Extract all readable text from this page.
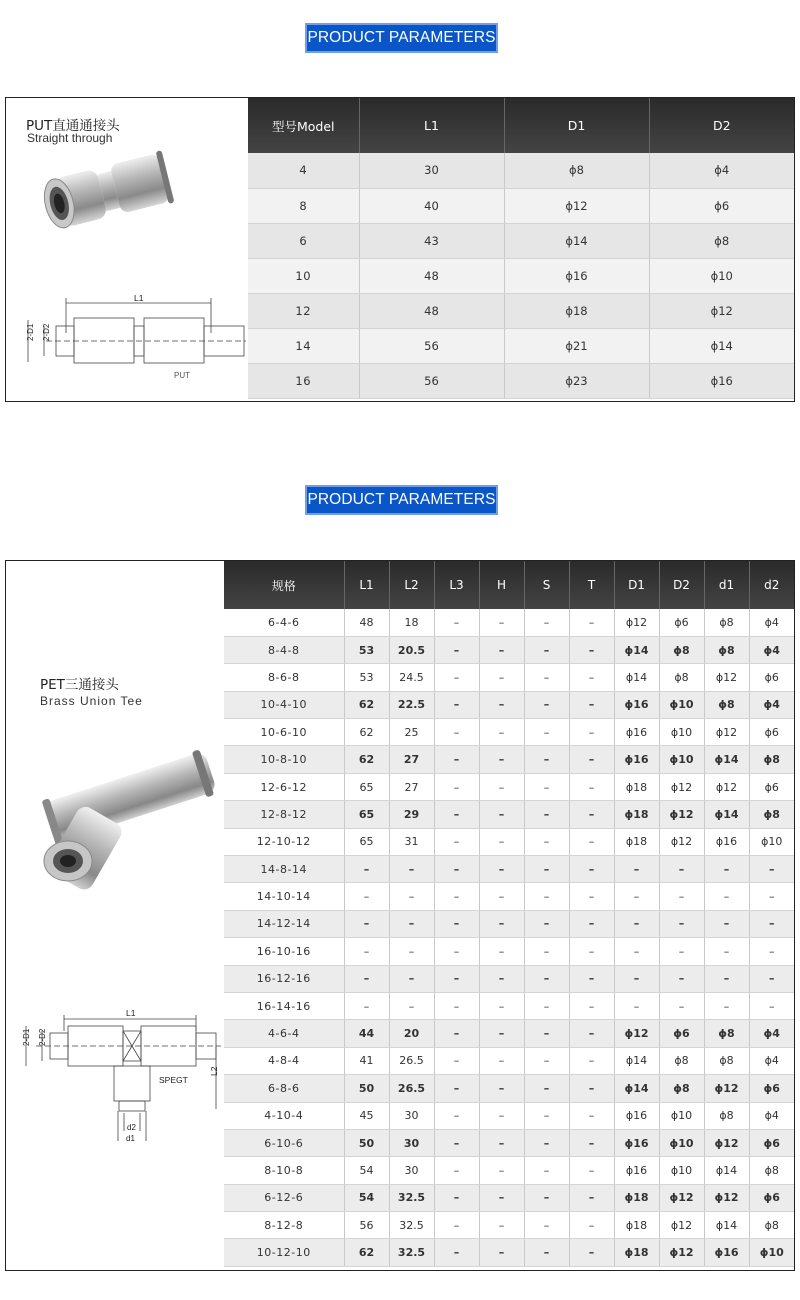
PRODUCT PARAMETERS
PUT直通通接头
Straight through
L1
2-D1 2-D2
PUT
型号Model	L1	D1	D2
4	30	ϕ8	ϕ4
8	40	ϕ12	ϕ6
6	43	ϕ14	ϕ8
10	48	ϕ16	ϕ10
12	48	ϕ18	ϕ12
14	56	ϕ21	ϕ14
16	56	ϕ23	ϕ16
PRODUCT PARAMETERS
PET三通接头
Brass Union Tee
L1
L2
2-D1 2-D2
SPEGT
d2
d1
规格	L1	L2	L3	H	S	T	D1	D2	d1	d2
6-4-6	48	18	–	–	–	–	ϕ12	ϕ6	ϕ8	ϕ4
8-4-8	53	20.5	–	–	–	–	ϕ14	ϕ8	ϕ8	ϕ4
8-6-8	53	24.5	–	–	–	–	ϕ14	ϕ8	ϕ12	ϕ6
10-4-10	62	22.5	–	–	–	–	ϕ16	ϕ10	ϕ8	ϕ4
10-6-10	62	25	–	–	–	–	ϕ16	ϕ10	ϕ12	ϕ6
10-8-10	62	27	–	–	–	–	ϕ16	ϕ10	ϕ14	ϕ8
12-6-12	65	27	–	–	–	–	ϕ18	ϕ12	ϕ12	ϕ6
12-8-12	65	29	–	–	–	–	ϕ18	ϕ12	ϕ14	ϕ8
12-10-12	65	31	–	–	–	–	ϕ18	ϕ12	ϕ16	ϕ10
14-8-14	–	–	–	–	–	–	–	–	–	–
14-10-14	–	–	–	–	–	–	–	–	–	–
14-12-14	–	–	–	–	–	–	–	–	–	–
16-10-16	–	–	–	–	–	–	–	–	–	–
16-12-16	–	–	–	–	–	–	–	–	–	–
16-14-16	–	–	–	–	–	–	–	–	–	–
4-6-4	44	20	–	–	–	–	ϕ12	ϕ6	ϕ8	ϕ4
4-8-4	41	26.5	–	–	–	–	ϕ14	ϕ8	ϕ8	ϕ4
6-8-6	50	26.5	–	–	–	–	ϕ14	ϕ8	ϕ12	ϕ6
4-10-4	45	30	–	–	–	–	ϕ16	ϕ10	ϕ8	ϕ4
6-10-6	50	30	–	–	–	–	ϕ16	ϕ10	ϕ12	ϕ6
8-10-8	54	30	–	–	–	–	ϕ16	ϕ10	ϕ14	ϕ8
6-12-6	54	32.5	–	–	–	–	ϕ18	ϕ12	ϕ12	ϕ6
8-12-8	56	32.5	–	–	–	–	ϕ18	ϕ12	ϕ14	ϕ8
10-12-10	62	32.5	–	–	–	–	ϕ18	ϕ12	ϕ16	ϕ10
